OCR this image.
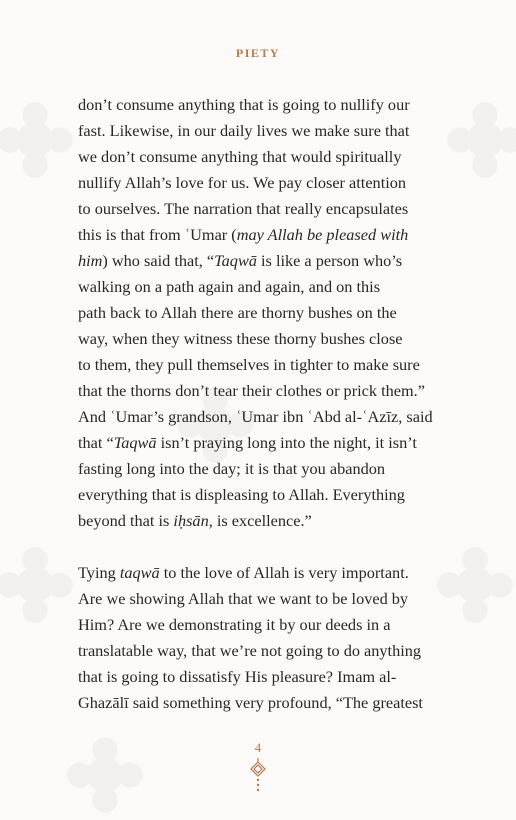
PIETY
don’t consume anything that is going to nullify our
fast. Likewise, in our daily lives we make sure that
we don’t consume anything that would spiritually
nullify Allah’s love for us. We pay closer attention
to ourselves. The narration that really encapsulates
this is that from ʿUmar (may Allah be pleased with
him) who said that, “Taqwā is like a person who’s
walking on a path again and again, and on this
path back to Allah there are thorny bushes on the
way, when they witness these thorny bushes close
to them, they pull themselves in tighter to make sure
that the thorns don’t tear their clothes or prick them.”
And ʿUmar’s grandson, ʿUmar ibn ʿAbd al-ʿAzīz, said
that “Taqwā isn’t praying long into the night, it isn’t
fasting long into the day; it is that you abandon
everything that is displeasing to Allah. Everything
beyond that is iḥsān, is excellence.”
Tying taqwā to the love of Allah is very important.
Are we showing Allah that we want to be loved by
Him? Are we demonstrating it by our deeds in a
translatable way, that we’re not going to do anything
that is going to dissatisfy His pleasure? Imam al-
Ghazālī said something very profound, “The greatest
4
